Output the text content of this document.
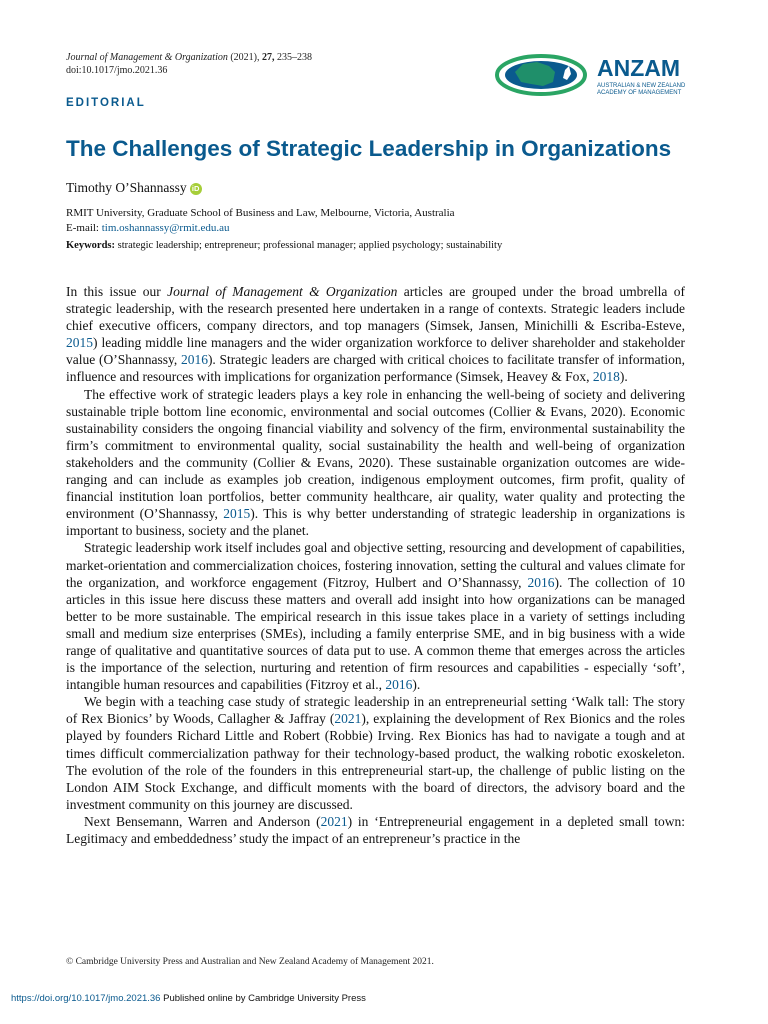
Journal of Management & Organization (2021), 27, 235–238
doi:10.1017/jmo.2021.36	ANZAM
AUSTRALIAN & NEW ZEALAND
ACADEMY OF MANAGEMENT
EDITORIAL
The Challenges of Strategic Leadership in Organizations
Timothy O’Shannassy iD
RMIT University, Graduate School of Business and Law, Melbourne, Victoria, Australia
E-mail: tim.oshannassy@rmit.edu.au
Keywords: strategic leadership; entrepreneur; professional manager; applied psychology; sustainability

In this issue our Journal of Management & Organization articles are grouped under the broad umbrella of strategic leadership, with the research presented here undertaken in a range of contexts. Strategic leaders include chief executive officers, company directors, and top managers (Simsek, Jansen, Minichilli & Escriba-Esteve, 2015) leading middle line managers and the wider organization workforce to deliver shareholder and stakeholder value (O’Shannassy, 2016). Strategic leaders are charged with critical choices to facilitate transfer of information, influence and resources with implications for organization performance (Simsek, Heavey & Fox, 2018).

The effective work of strategic leaders plays a key role in enhancing the well-being of society and delivering sustainable triple bottom line economic, environmental and social outcomes (Collier & Evans, 2020). Economic sustainability considers the ongoing financial viability and solvency of the firm, environmental sustainability the firm’s commitment to environmental quality, social sustainability the health and well-being of organization stakeholders and the community (Collier & Evans, 2020). These sustainable organization outcomes are wide-ranging and can include as examples job creation, indigenous employment outcomes, firm profit, quality of financial institution loan portfolios, better community healthcare, air quality, water quality and protecting the environment (O’Shannassy, 2015). This is why better understanding of strategic leadership in organizations is important to business, society and the planet.

Strategic leadership work itself includes goal and objective setting, resourcing and development of capabilities, market-orientation and commercialization choices, fostering innovation, setting the cultural and values climate for the organization, and workforce engagement (Fitzroy, Hulbert and O’Shannassy, 2016). The collection of 10 articles in this issue here discuss these matters and overall add insight into how organizations can be managed better to be more sustainable. The empirical research in this issue takes place in a variety of settings including small and medium size enterprises (SMEs), including a family enterprise SME, and in big business with a wide range of qualitative and quantitative sources of data put to use. A common theme that emerges across the articles is the importance of the selection, nurturing and retention of firm resources and capabilities - especially ‘soft’, intangible human resources and capabilities (Fitzroy et al., 2016).

We begin with a teaching case study of strategic leadership in an entrepreneurial setting ‘Walk tall: The story of Rex Bionics’ by Woods, Callagher & Jaffray (2021), explaining the development of Rex Bionics and the roles played by founders Richard Little and Robert (Robbie) Irving. Rex Bionics has had to navigate a tough and at times difficult commercialization pathway for their technology-based product, the walking robotic exoskeleton. The evolution of the role of the founders in this entrepreneurial start-up, the challenge of public listing on the London AIM Stock Exchange, and difficult moments with the board of directors, the advisory board and the investment community on this journey are discussed.

Next Bensemann, Warren and Anderson (2021) in ‘Entrepreneurial engagement in a depleted small town: Legitimacy and embeddedness’ study the impact of an entrepreneur’s practice in the

© Cambridge University Press and Australian and New Zealand Academy of Management 2021.
https://doi.org/10.1017/jmo.2021.36 Published online by Cambridge University Press
